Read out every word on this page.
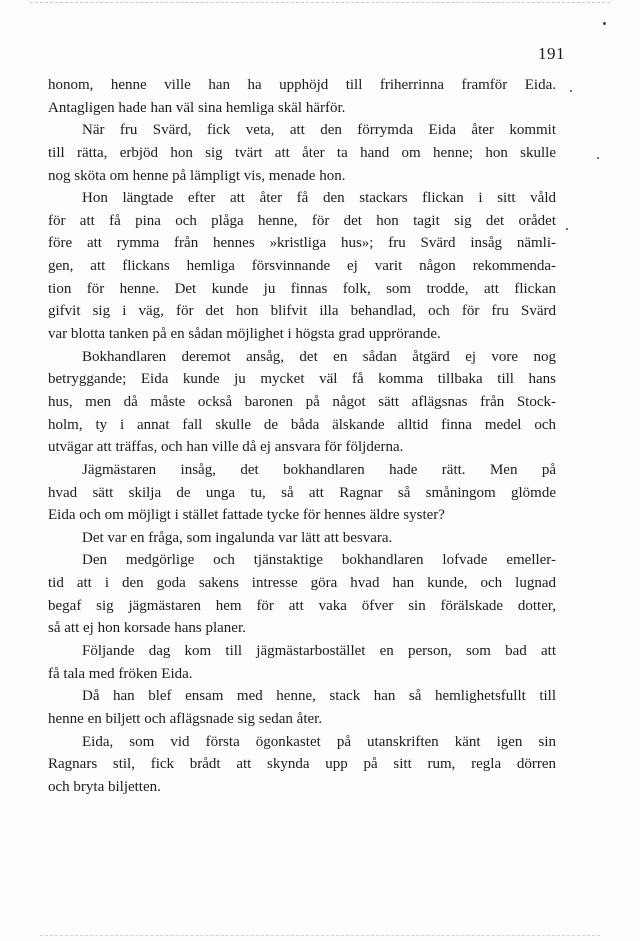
191
honom, henne ville han ha upphöjd till friherrinna framför Eida.
Antagligen hade han väl sina hemliga skäl härför.
När fru Svärd, fick veta, att den förrymda Eida åter kommit
till rätta, erbjöd hon sig tvärt att åter ta hand om henne; hon skulle
nog sköta om henne på lämpligt vis, menade hon.
Hon längtade efter att åter få den stackars flickan i sitt våld
för att få pina och plåga henne, för det hon tagit sig det orådet
före att rymma från hennes »kristliga hus»; fru Svärd insåg nämli-
gen, att flickans hemliga försvinnande ej varit någon rekommenda-
tion för henne. Det kunde ju finnas folk, som trodde, att flickan
gifvit sig i väg, för det hon blifvit illa behandlad, och för fru Svärd
var blotta tanken på en sådan möjlighet i högsta grad upprörande.
Bokhandlaren deremot ansåg, det en sådan åtgärd ej vore nog
betryggande; Eida kunde ju mycket väl få komma tillbaka till hans
hus, men då måste också baronen på något sätt aflägsnas från Stock-
holm, ty i annat fall skulle de båda älskande alltid finna medel och
utvägar att träffas, och han ville då ej ansvara för följderna.
Jägmästaren insåg, det bokhandlaren hade rätt. Men på
hvad sätt skilja de unga tu, så att Ragnar så småningom glömde
Eida och om möjligt i stället fattade tycke för hennes äldre syster?
Det var en fråga, som ingalunda var lätt att besvara.
Den medgörlige och tjänstaktige bokhandlaren lofvade emeller-
tid att i den goda sakens intresse göra hvad han kunde, och lugnad
begaf sig jägmästaren hem för att vaka öfver sin förälskade dotter,
så att ej hon korsade hans planer.
Följande dag kom till jägmästarbostället en person, som bad att
få tala med fröken Eida.
Då han blef ensam med henne, stack han så hemlighetsfullt till
henne en biljett och aflägsnade sig sedan åter.
Eida, som vid första ögonkastet på utanskriften känt igen sin
Ragnars stil, fick brådt att skynda upp på sitt rum, regla dörren
och bryta biljetten.
